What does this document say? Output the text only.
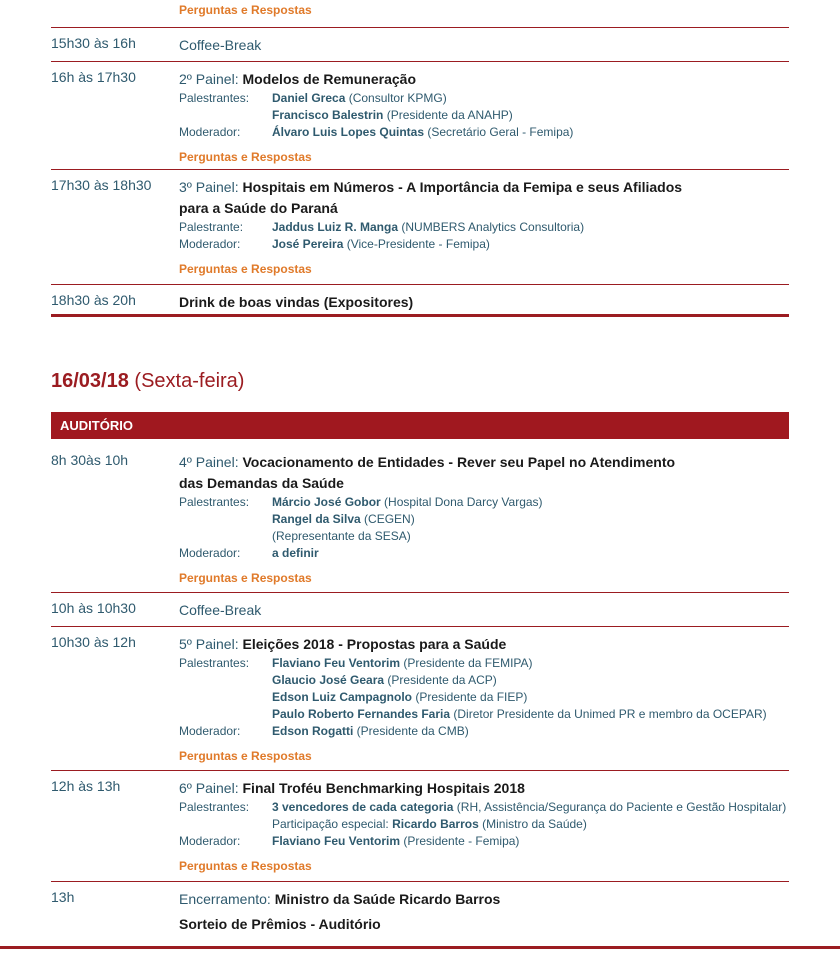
Perguntas e Respostas
15h30 às 16h	Coffee-Break
16h às 17h30	2º Painel: Modelos de Remuneração
Palestrantes:	Daniel Greca (Consultor KPMG)
Francisco Balestrin (Presidente da ANAHP)
Moderador:	Álvaro Luis Lopes Quintas (Secretário Geral - Femipa)
Perguntas e Respostas
17h30 às 18h30 3º Painel: Hospitais em Números - A Importância da Femipa e seus Afiliados
para a Saúde do Paraná
Palestrante:	Jaddus Luiz R. Manga (NUMBERS Analytics Consultoria)
Moderador:	José Pereira (Vice-Presidente - Femipa)
Perguntas e Respostas
18h30 às 20h	Drink de boas vindas (Expositores)
16/03/18 (Sexta-feira)
AUDITÓRIO
8h 30às 10h	4º Painel: Vocacionamento de Entidades - Rever seu Papel no Atendimento
das Demandas da Saúde
Palestrantes:	Márcio José Gobor (Hospital Dona Darcy Vargas)
Rangel da Silva (CEGEN)
(Representante da SESA)
Moderador:	a definir
Perguntas e Respostas
10h às 10h30	Coffee-Break
10h30 às 12h	5º Painel: Eleições 2018 - Propostas para a Saúde
Palestrantes:	Flaviano Feu Ventorim (Presidente da FEMIPA)
Glaucio José Geara (Presidente da ACP)
Edson Luiz Campagnolo (Presidente da FIEP)
Paulo Roberto Fernandes Faria (Diretor Presidente da Unimed PR e membro da OCEPAR)
Moderador:	Edson Rogatti (Presidente da CMB)
Perguntas e Respostas
12h às 13h	6º Painel: Final Troféu Benchmarking Hospitais 2018
Palestrantes:	3 vencedores de cada categoria (RH, Assistência/Segurança do Paciente e Gestão Hospitalar)
Participação especial: Ricardo Barros (Ministro da Saúde)
Moderador:	Flaviano Feu Ventorim (Presidente - Femipa)
Perguntas e Respostas
13h	Encerramento: Ministro da Saúde Ricardo Barros
Sorteio de Prêmios - Auditório
